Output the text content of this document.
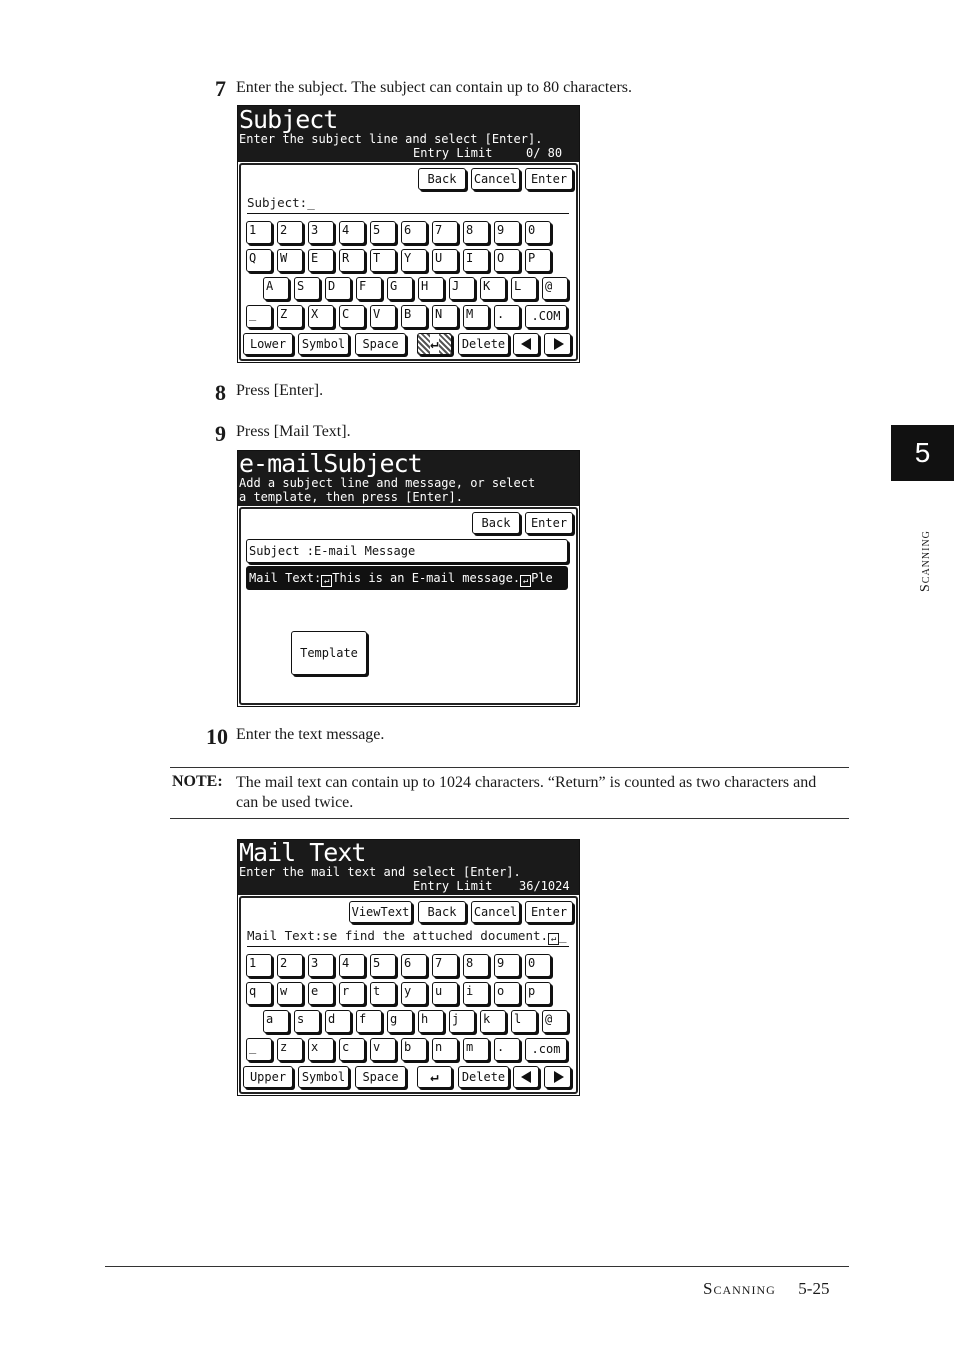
7 Enter the subject. The subject can contain up to 80 characters.
Subject
Enter the subject line and select [Enter].
Entry Limit	0/ 80
Back	Cancel	Enter
Subject:_
1	2	3	4	5	6	7	8	9	0
Q	W	E	R	T	Y	U	I	O	P
A	S	D	F	G	H	J	K	L	@
_	Z	X	C	V	B	N	M	.	.COM
Lower	Symbol	Space	↵	Delete
8 Press [Enter].
9 Press [Mail Text].
e-mailSubject
Add a subject line and message, or select
a template, then press [Enter].
Back	Enter
Subject :E-mail Message
Mail Text: ↵ This is an E-mail message. ↵ Ple
Template
10 Enter the text message.
NOTE: The mail text can contain up to 1024 characters. “Return” is counted as two characters and can be used twice.
Mail Text
Enter the mail text and select [Enter].
Entry Limit 36/1024
ViewText	Back	Cancel	Enter
Mail Text:se find the attuched document. ↵ _
1	2	3	4	5	6	7	8	9	0
q	w	e	r	t	y	u	i	o	p
a	s	d	f	g	h	j	k	l	@
_	z	x	c	v	b	n	m	.	.com
Upper	Symbol	Space	↵	Delete
5
Scanning
Scanning 5-25
